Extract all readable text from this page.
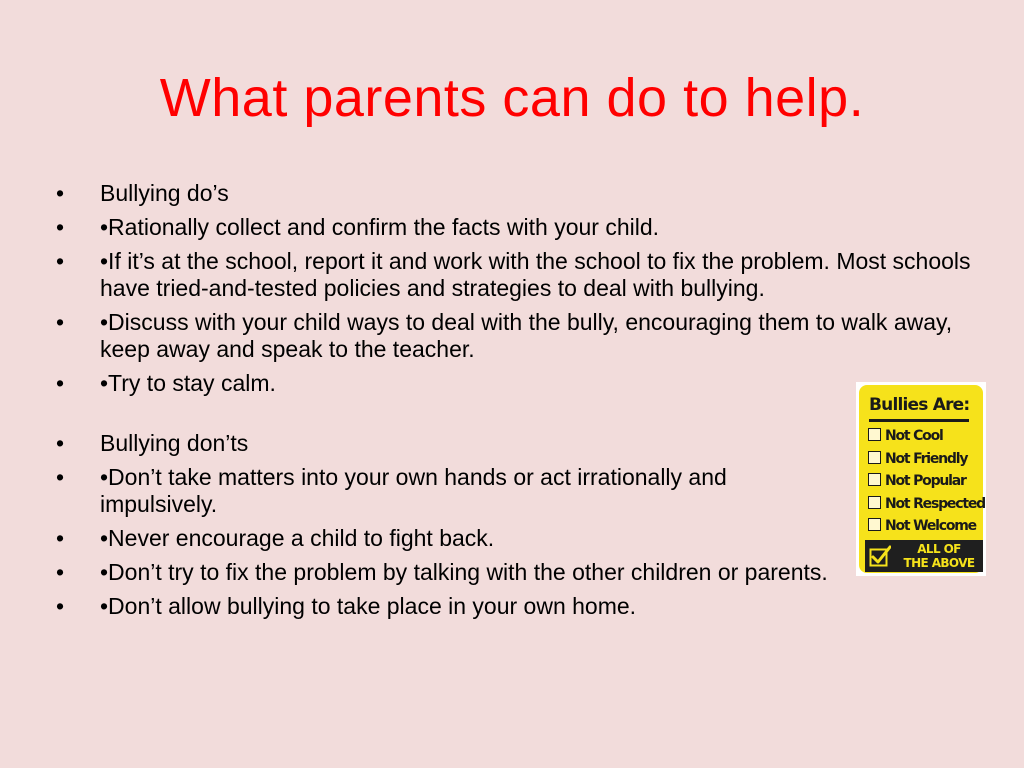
What parents can do to help.
•	Bullying do’s
•	•Rationally collect and confirm the facts with your child.
•	•If it’s at the school, report it and work with the school to fix the problem. Most schools have tried-and-tested policies and strategies to deal with bullying.
•	•Discuss with your child ways to deal with the bully, encouraging them to walk away, keep away and speak to the teacher.
•	•Try to stay calm.
•	Bullying don’ts
•	•Don’t take matters into your own hands or act irrationally and impulsively.
•	•Never encourage a child to fight back.
•	•Don’t try to fix the problem by talking with the other children or parents.
•	•Don’t allow bullying to take place in your own home.
Bullies Are:
Not Cool
Not Friendly
Not Popular
Not Respected
Not Welcome
ALL OF
THE ABOVE
